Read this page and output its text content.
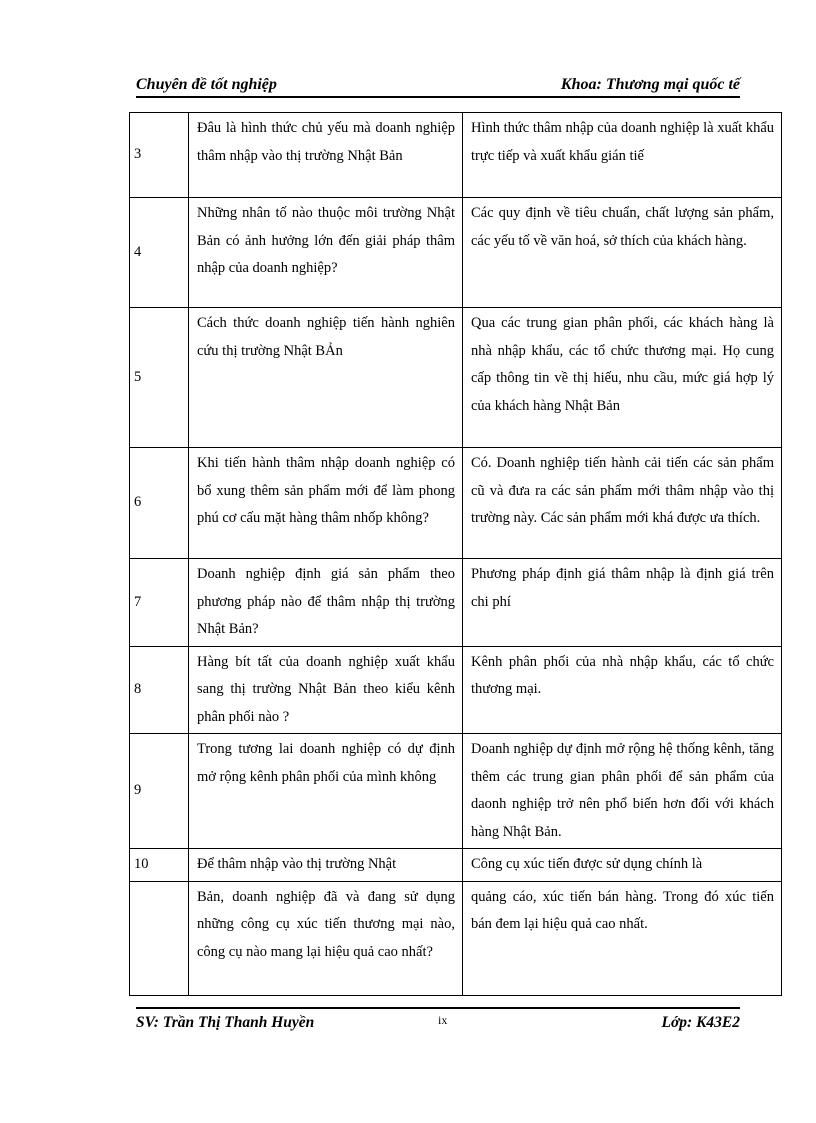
Chuyên đề tốt nghiệp	Khoa: Thương mại quốc tế
3	Đâu là hình thức chủ yếu mà doanh nghiệp thâm nhập vào thị trường Nhật Bản	Hình thức thâm nhập của doanh nghiệp là xuất khẩu trực tiếp và xuất khẩu gián tiế
4	Những nhân tố nào thuộc môi trường Nhật Bản có ảnh hưởng lớn đến giải pháp thâm nhập của doanh nghiệp?	Các quy định về tiêu chuẩn, chất lượng sản phẩm, các yếu tố về văn hoá, sở thích của khách hàng.
5	Cách thức doanh nghiệp tiến hành nghiên cứu thị trường Nhật BẢn	Qua các trung gian phân phối, các khách hàng là nhà nhập khẩu, các tổ chức thương mại. Họ cung cấp thông tin về thị hiếu, nhu cầu, mức giá hợp lý của khách hàng Nhật Bản
6	Khi tiến hành thâm nhập doanh nghiệp có bổ xung thêm sản phẩm mới để làm phong phú cơ cấu mặt hàng thâm nhốp không?	Có. Doanh nghiệp tiến hành cải tiến các sản phẩm cũ và đưa ra các sản phẩm mới thâm nhập vào thị trường này. Các sản phẩm mới khá được ưa thích.
7	Doanh nghiệp định giá sản phẩm theo phương pháp nào để thâm nhập thị trường Nhật Bản?	Phương pháp định giá thâm nhập là định giá trên chi phí
8	Hàng bít tất của doanh nghiệp xuất khẩu sang thị trường Nhật Bản theo kiểu kênh phân phối nào ?	Kênh phân phối của nhà nhập khẩu, các tổ chức thương mại.
9	Trong tương lai doanh nghiệp có dự định mở rộng kênh phân phối của mình không	Doanh nghiệp dự định mở rộng hệ thống kênh, tăng thêm các trung gian phân phối để sản phẩm của daonh nghiệp trở nên phổ biến hơn đối với khách hàng Nhật Bản.
10	Để thâm nhập vào thị trường Nhật	Công cụ xúc tiến được sử dụng chính là
	Bản, doanh nghiệp đã và đang sử dụng những công cụ xúc tiến thương mại nào, công cụ nào mang lại hiệu quả cao nhất?	quảng cáo, xúc tiến bán hàng. Trong đó xúc tiến bán đem lại hiệu quả cao nhất.
SV: Trần Thị Thanh Huyền	ix	Lớp: K43E2
